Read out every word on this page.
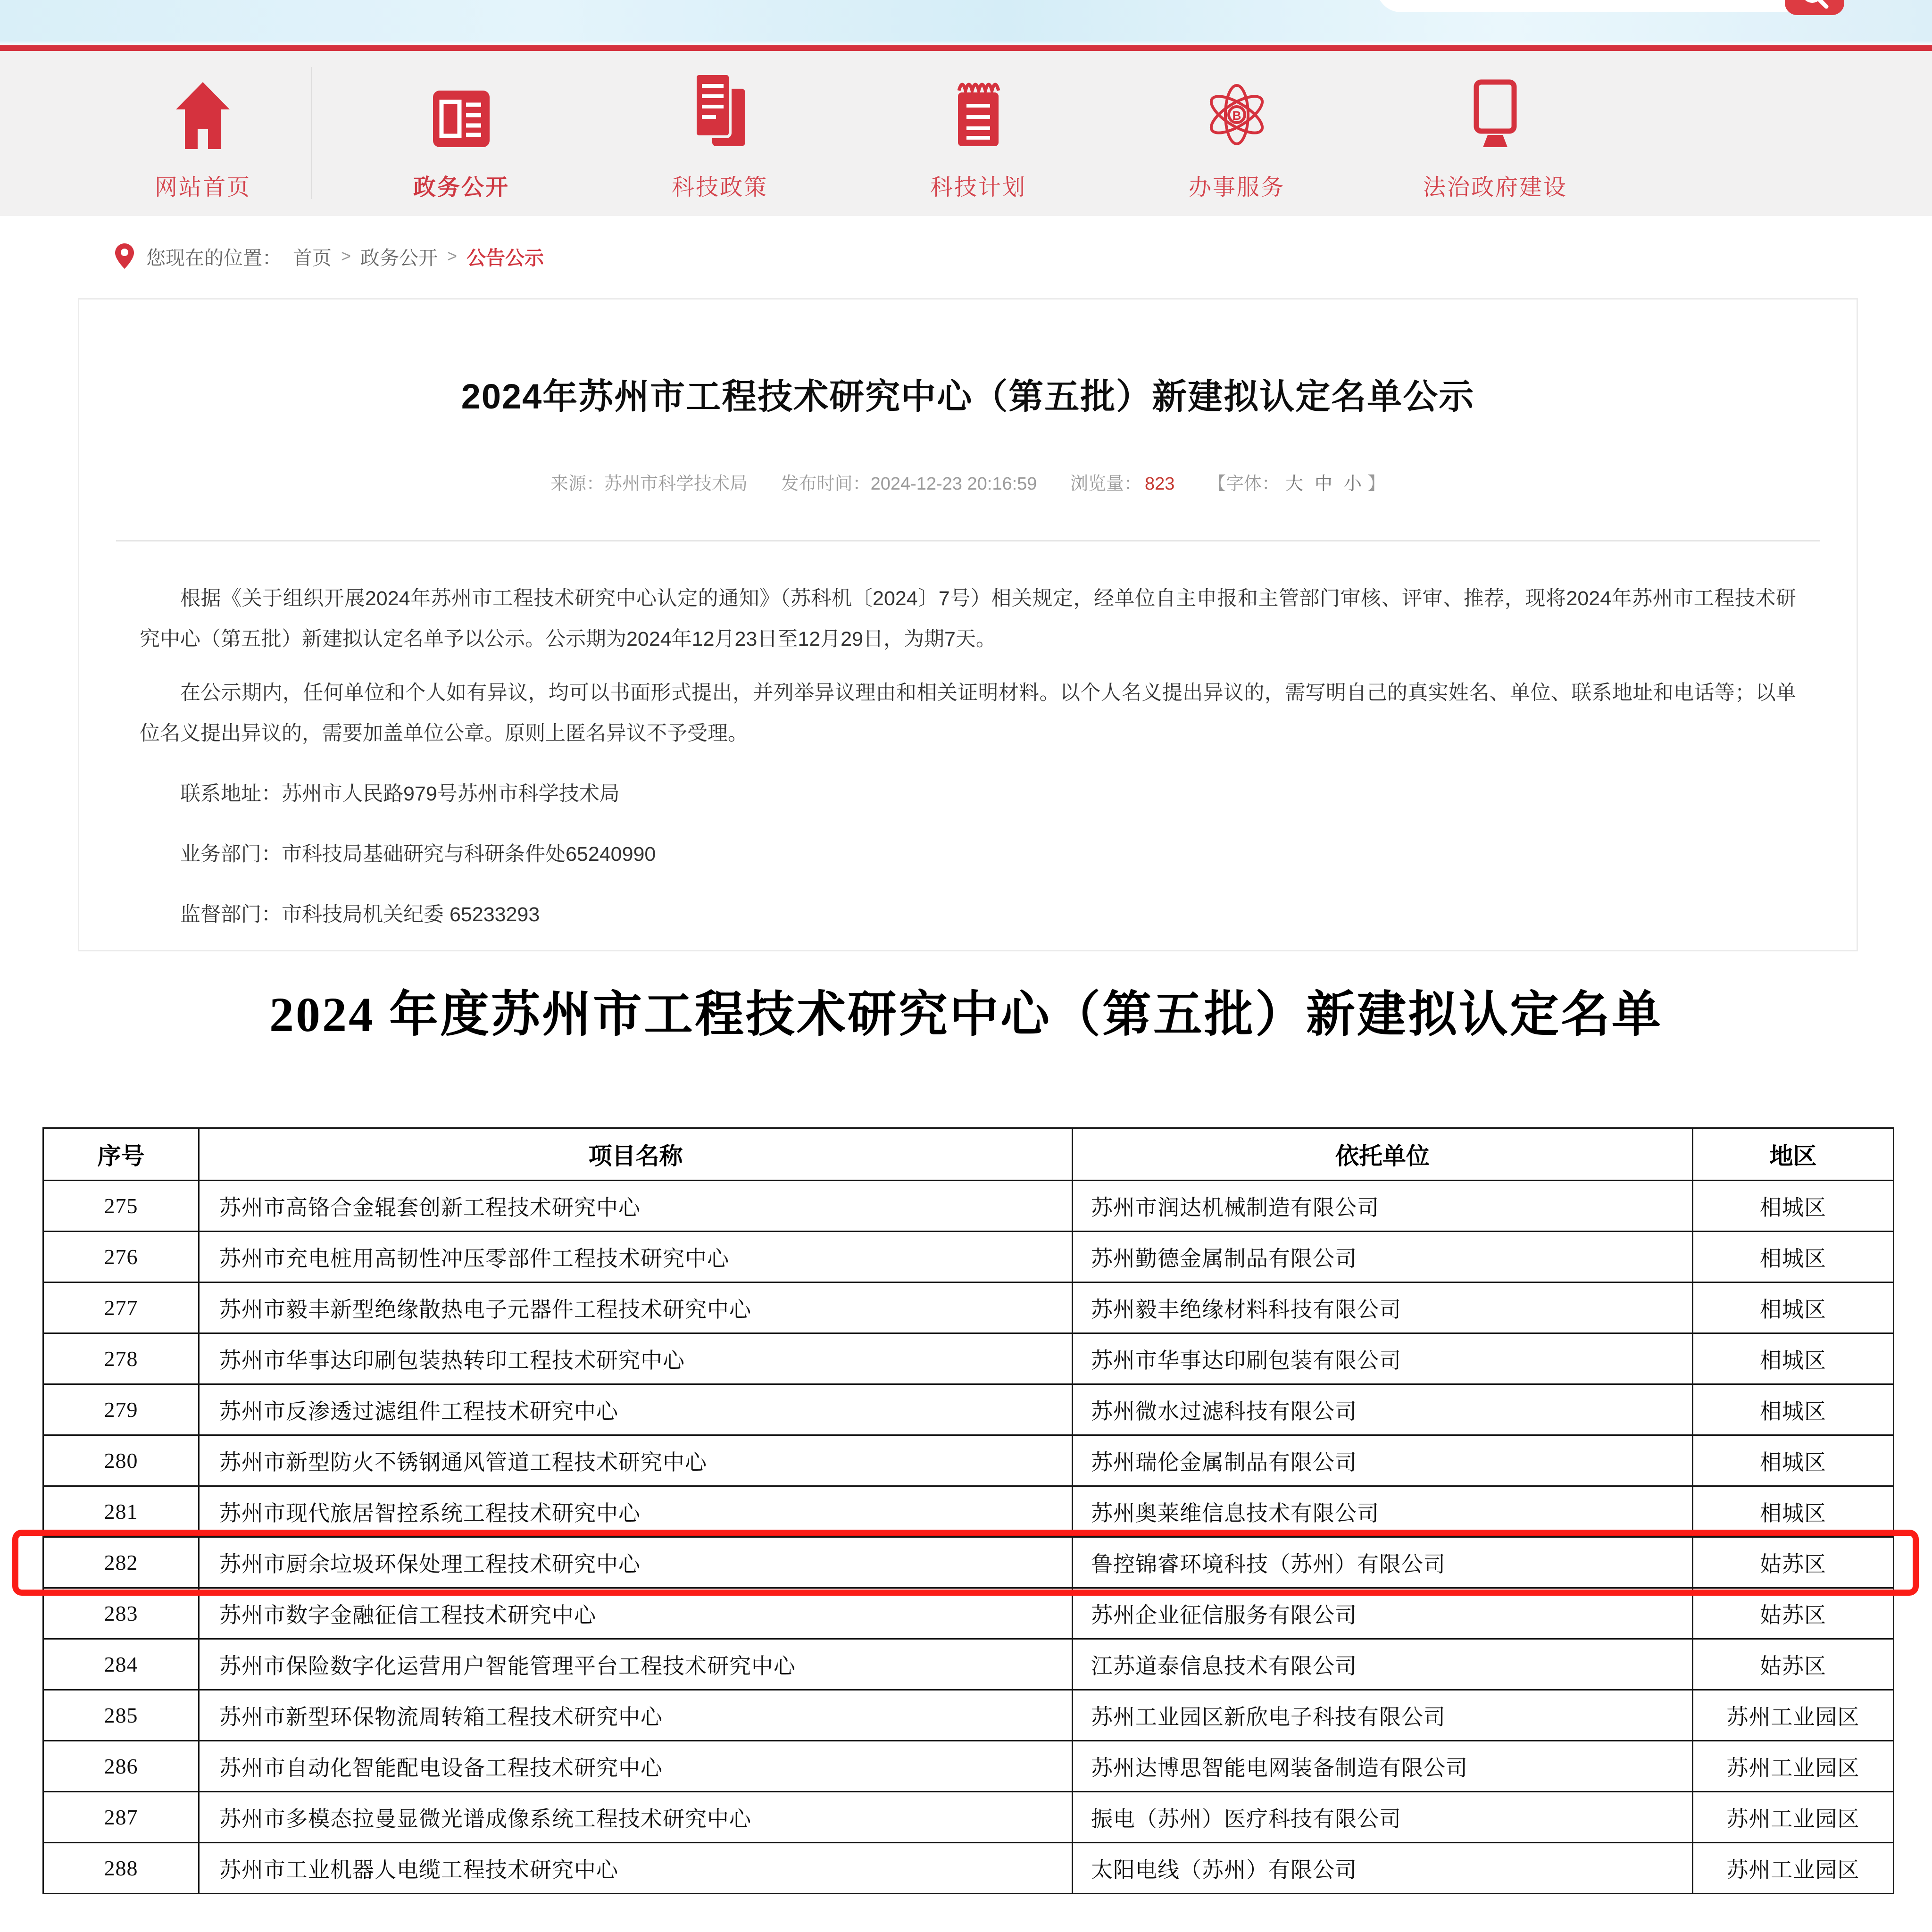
标题/政策关键字
网站首页	政务公开	科技政策	科技计划
B
办事服务	法治政府建设
您现在的位置： 首页 > 政务公开 > 公告公示
2024年苏州市工程技术研究中心（第五批）新建拟认定名单公示
来源：苏州市科学技术局 发布时间：2024-12-23 20:16:59 浏览量： 823 【字体： 大 中 小 】

根据《关于组织开展2024年苏州市工程技术研究中心认定的通知》（苏科机〔2024〕7号）相关规定，经单位自主申报和主管部门审核、评审、推荐，现将2024年苏州市工程技术研究中心（第五批）新建拟认定名单予以公示。公示期为2024年12月23日至12月29日，为期7天。

在公示期内，任何单位和个人如有异议，均可以书面形式提出，并列举异议理由和相关证明材料。以个人名义提出异议的，需写明自己的真实姓名、单位、联系地址和电话等；以单位名义提出异议的，需要加盖单位公章。原则上匿名异议不予受理。

联系地址：苏州市人民路979号苏州市科学技术局

业务部门：市科技局基础研究与科研条件处65240990

监督部门：市科技局机关纪委 65233293

2024 年度苏州市工程技术研究中心（第五批）新建拟认定名单
序号	项目名称	依托单位	地区
275	苏州市高铬合金辊套创新工程技术研究中心	苏州市润达机械制造有限公司	相城区
276	苏州市充电桩用高韧性冲压零部件工程技术研究中心	苏州勤德金属制品有限公司	相城区
277	苏州市毅丰新型绝缘散热电子元器件工程技术研究中心	苏州毅丰绝缘材料科技有限公司	相城区
278	苏州市华事达印刷包装热转印工程技术研究中心	苏州市华事达印刷包装有限公司	相城区
279	苏州市反渗透过滤组件工程技术研究中心	苏州微水过滤科技有限公司	相城区
280	苏州市新型防火不锈钢通风管道工程技术研究中心	苏州瑞伦金属制品有限公司	相城区
281	苏州市现代旅居智控系统工程技术研究中心	苏州奥莱维信息技术有限公司	相城区
282	苏州市厨余垃圾环保处理工程技术研究中心	鲁控锦睿环境科技（苏州）有限公司	姑苏区
283	苏州市数字金融征信工程技术研究中心	苏州企业征信服务有限公司	姑苏区
284	苏州市保险数字化运营用户智能管理平台工程技术研究中心	江苏道泰信息技术有限公司	姑苏区
285	苏州市新型环保物流周转箱工程技术研究中心	苏州工业园区新欣电子科技有限公司	苏州工业园区
286	苏州市自动化智能配电设备工程技术研究中心	苏州达博思智能电网装备制造有限公司	苏州工业园区
287	苏州市多模态拉曼显微光谱成像系统工程技术研究中心	振电（苏州）医疗科技有限公司	苏州工业园区
288	苏州市工业机器人电缆工程技术研究中心	太阳电线（苏州）有限公司	苏州工业园区
